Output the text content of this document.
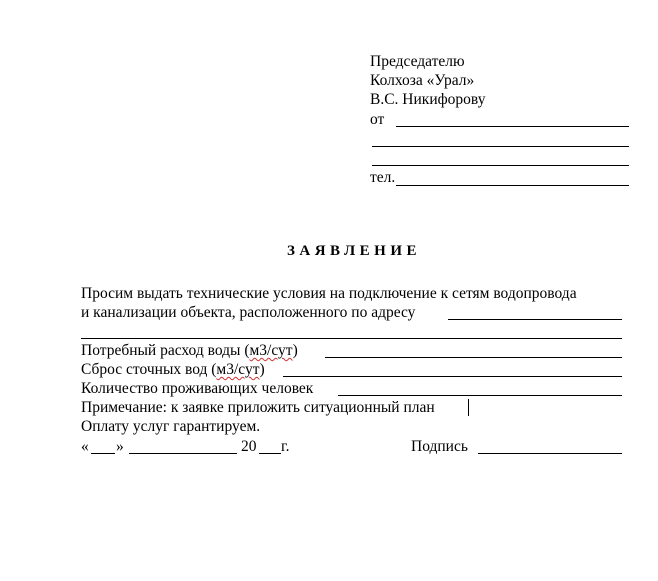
Председателю
Колхоза «Урал»
В.С. Никифорову
от
тел.
ЗАЯВЛЕНИЕ
Просим выдать технические условия на подключение к сетям водопровода
и канализации объекта, расположенного по адресу
Потребный расход воды (м3/сут)
Сброс сточных вод (м3/сут)
Количество проживающих человек
Примечание: к заявке приложить ситуационный план
Оплату услуг гарантируем.
« »	20 г.	Подпись
